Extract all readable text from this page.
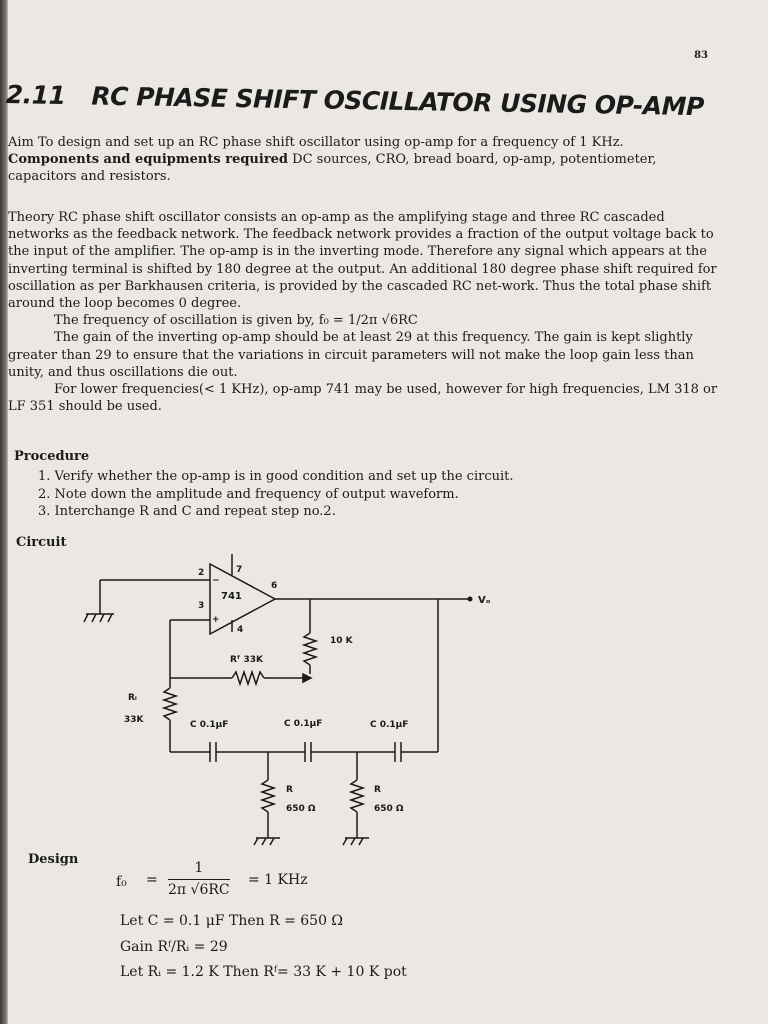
83
2.11 RC PHASE SHIFT OSCILLATOR USING OP-AMP

Aim To design and set up an RC phase shift oscillator using op-amp for a frequency of 1 KHz.

Components and equipments required DC sources, CRO, bread board, op-amp, potentiometer, capacitors and resistors.

Theory RC phase shift oscillator consists an op-amp as the amplifying stage and three RC cascaded networks as the feedback network. The feedback network provides a fraction of the output voltage back to the input of the amplifier. The op-amp is in the inverting mode. Therefore any signal which appears at the inverting terminal is shifted by 180 degree at the output. An additional 180 degree phase shift required for oscillation as per Barkhausen criteria, is provided by the cascaded RC net-work. Thus the total phase shift around the loop becomes 0 degree.

The frequency of oscillation is given by, f₀ = 1/2π √6RC

The gain of the inverting op-amp should be at least 29 at this frequency. The gain is kept slightly greater than 29 to ensure that the variations in circuit parameters will not make the loop gain less than unity, and thus oscillations die out.

For lower frequencies(< 1 KHz), op-amp 741 may be used, however for high frequencies, LM 318 or LF 351 should be used.

Procedure
1. Verify whether the op-amp is in good condition and set up the circuit.
2. Note down the amplitude and frequency of output waveform.
3. Interchange R and C and repeat step no.2.
Circuit
741
2
3
7
4
6
−
+
Vₒ
Rᶠ 33K
10 K
Rᵢ
33K	C 0.1μF	C 0.1μF	C 0.1μF
R
650 Ω
R
650 Ω
Design
$f_0 = \frac{1}{2\pi √6RC} = 1$ KHz
Let C = 0.1 μF Then R = 650 Ω
Gain Rᶠ/Rᵢ = 29
Let Rᵢ = 1.2 K Then Rᶠ= 33 K + 10 K pot
